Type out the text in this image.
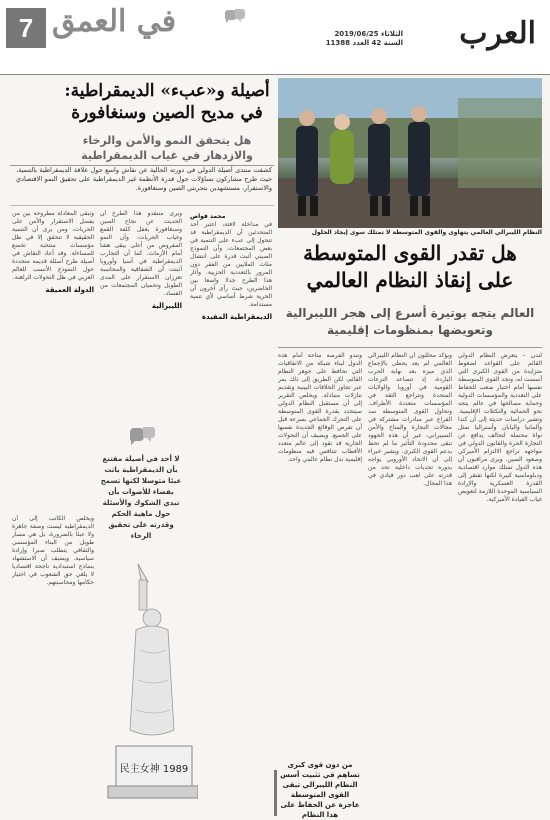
7 في العمق	الثلاثاء 2019/06/25
السنة 42 العدد 11388 العرب
النظام الليبرالي العالمي يتهاوى والقوى المتوسطة لا تمتلك سوى إيجاد الحلول
هل تقدر القوى المتوسطة على إنقاذ النظام العالمي
العالم يتجه بوتيرة أسرع إلى هجر الليبرالية وتعويضها بمنظومات إقليمية
لندن – يتعرض النظام الدولي القائم على القواعد لضغوط متزايدة من القوى الكبرى التي أسست له، وتجد القوى المتوسطة نفسها أمام اختبار صعب للحفاظ على التعددية والمؤسسات الدولية وحماية مصالحها في عالم يتجه نحو الحمائية والتكتلات الإقليمية. وتشير دراسات حديثة إلى أن كندا وألمانيا واليابان وأستراليا تمثل نواة محتملة لتحالف يدافع عن التجارة الحرة والقانون الدولي في مواجهة تراجع الالتزام الأميركي وصعود الصين. ويرى مراقبون أن هذه الدول تمتلك موارد اقتصادية ودبلوماسية كبيرة لكنها تفتقر إلى القدرة العسكرية والإرادة السياسية الموحدة اللازمة لتعويض غياب القيادة الأميركية.
ويؤكد محللون أن النظام الليبرالي العالمي لم يعد يحظى بالإجماع الذي ميزه بعد نهاية الحرب الباردة، إذ تتصاعد النزعات القومية في أوروبا والولايات المتحدة وتتراجع الثقة في المؤسسات متعددة الأطراف. وتحاول القوى المتوسطة سد الفراغ عبر مبادرات مشتركة في مجالات التجارة والمناخ والأمن السيبراني، غير أن هذه الجهود تبقى محدودة التأثير ما لم تحظ بدعم القوى الكبرى. ويشير خبراء إلى أن الاتحاد الأوروبي يواجه بدوره تحديات داخلية تحد من قدرته على لعب دور قيادي في هذا المجال.
وتبدو الفرصة متاحة أمام هذه الدول لبناء شبكة من الاتفاقيات التي تحافظ على جوهر النظام القائم، لكن الطريق إلى ذلك يمر عبر تجاوز الخلافات البينية وتقديم تنازلات متبادلة. ويخلص التقرير إلى أن مستقبل النظام الدولي سيتحدد بقدرة القوى المتوسطة على التحرك الجماعي بسرعة قبل أن تفرض الوقائع الجديدة نفسها على الجميع. ويضيف أن التحولات الجارية قد تقود إلى عالم متعدد الأقطاب تتنافس فيه منظومات إقليمية بدل نظام عالمي واحد.
من دون قوى كبرى تساهم في تثبيت أسس النظام الليبرالي تبقى القوى المتوسطة عاجزة عن الحفاظ على هذا النظام
أصيلة و«عبء» الديمقراطية: في مديح الصين وسنغافورة
هل يتحقق النمو والأمن والرخاء والازدهار في غياب الديمقراطية
كشفت منتدى أصيلة الدولي في دورته الحالية عن نقاش واسع حول علاقة الديمقراطية بالتنمية، حيث طرح مشاركون تساؤلات حول قدرة الأنظمة غير الديمقراطية على تحقيق النمو الاقتصادي والاستقرار، مستشهدين بتجربتي الصين وسنغافورة.
محمد قواص
في مداخلة لافتة، اعتبر أحد المتحدثين أن الديمقراطية قد تتحول إلى عبء على التنمية في بعض المجتمعات، وأن النموذج الصيني أثبت قدرة على انتشال مئات الملايين من الفقر دون المرور بالتعددية الحزبية. وأثار هذا الطرح جدلا واسعا بين الحاضرين، حيث رأى آخرون أن الحرية شرط أساسي لأي تنمية مستدامة.
الديمقراطية المقيدة
ويرى منتقدو هذا الطرح أن الحديث عن نجاح الصين وسنغافورة يغفل كلفة القمع وغياب الحريات، وأن النمو المفروض من أعلى يبقى هشا أمام الأزمات. كما أن التجارب الديمقراطية في آسيا وأوروبا أثبتت أن الشفافية والمحاسبة تعززان الاستقرار على المدى الطويل وتحميان المجتمعات من الفساد.
الليبرالية
وتبقى المعادلة مطروحة بين من يفضل الاستقرار والأمن على الحريات، ومن يرى أن التنمية الحقيقية لا تتحقق إلا في ظل مؤسسات منتخبة تخضع للمساءلة. وقد أعاد النقاش في أصيلة طرح أسئلة قديمة متجددة حول النموذج الأنسب للعالم العربي في ظل التحولات الراهنة.
الدولة العميقة
ويخلص الكاتب إلى أن الديمقراطية ليست وصفة جاهزة ولا عبئا بالضرورة، بل هي مسار طويل من البناء المؤسسي والثقافي يتطلب صبرا وإرادة سياسية. ويضيف أن الاستشهاد بنماذج استبدادية ناجحة اقتصاديا لا يلغي حق الشعوب في اختيار حكامها ومحاسبتهم.
لا أحد في أصيلة مقتنع بأن الديمقراطية باتت عبئا متوسلا لكنها تسمح بفضاء للأصوات بأن تبدي الشكوك والأسئلة حول ماهية الحكم وقدرته على تحقيق الرخاء
民主女神 1989
